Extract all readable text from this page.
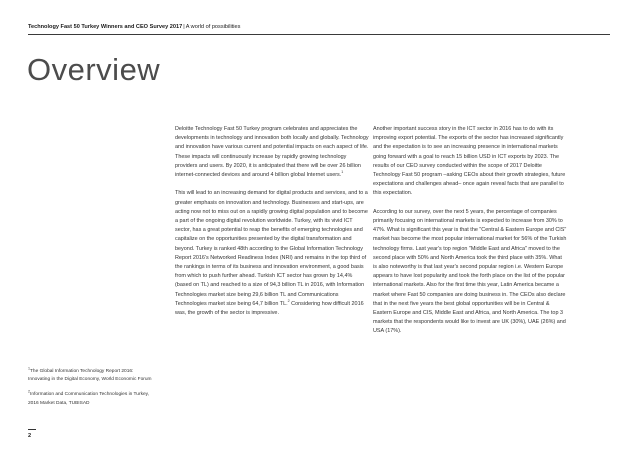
Technology Fast 50 Turkey Winners and CEO Survey 2017|A world of possibilities
Overview

Deloitte Technology Fast 50 Turkey program celebrates and appreciates the developments in technology and innovation both locally and globally. Technology and innovation have various current and potential impacts on each aspect of life. These impacts will continuously increase by rapidly growing technology providers and users. By 2020, it is anticipated that there will be over 26 billion internet-connected devices and around 4 billion global Internet users.$^1$

This will lead to an increasing demand for digital products and services, and to a greater emphasis on innovation and technology. Businesses and start-ups, are acting now not to miss out on a rapidly growing digital population and to become a part of the ongoing digital revolution worldwide. Turkey, with its vivid ICT sector, has a great potential to reap the benefits of emerging technologies and capitalize on the opportunities presented by the digital transformation and beyond. Turkey is ranked 48th according to the Global Information Technology Report 2016's Networked Readiness Index (NRI) and remains in the top third of the rankings in terms of its business and innovation environment, a good basis from which to push further ahead. Turkish ICT sector has grown by 14,4% (based on TL) and reached to a size of 94,3 billion TL in 2016, with Information Technologies market size being 29,6 billion TL and Communications Technologies market size being 64,7 billion TL.$^2$ Considering how difficult 2016 was, the growth of the sector is impressive.

Another important success story in the ICT sector in 2016 has to do with its improving export potential. The exports of the sector has increased significantly and the expectation is to see an increasing presence in international markets going forward with a goal to reach 15 billion USD in ICT exports by 2023. The results of our CEO survey conducted within the scope of 2017 Deloitte Technology Fast 50 program –asking CEOs about their growth strategies, future expectations and challenges ahead– once again reveal facts that are parallel to this expectation.

According to our survey, over the next 5 years, the percentage of companies primarily focusing on international markets is expected to increase from 30% to 47%. What is significant this year is that the "Central & Eastern Europe and CIS" market has become the most popular international market for 56% of the Turkish technology firms. Last year's top region "Middle East and Africa" moved to the second place with 50% and North America took the third place with 35%. What is also noteworthy is that last year's second popular region i.e. Western Europe appears to have lost popularity and took the forth place on the list of the popular international markets. Also for the first time this year, Latin America became a market where Fast 50 companies are doing business in. The CEOs also declare that in the next five years the best global opportunities will be in Central & Eastern Europe and CIS, Middle East and Africa, and North America. The top 3 markets that the respondents would like to invest are UK (30%), UAE (26%) and USA (17%).

$^1$The Global Information Technology Report 2016: Innovating in the Digital Economy, World Economic Forum

$^2$Information and Communication Technologies in Turkey, 2016 Market Data, TUBISAD

2
